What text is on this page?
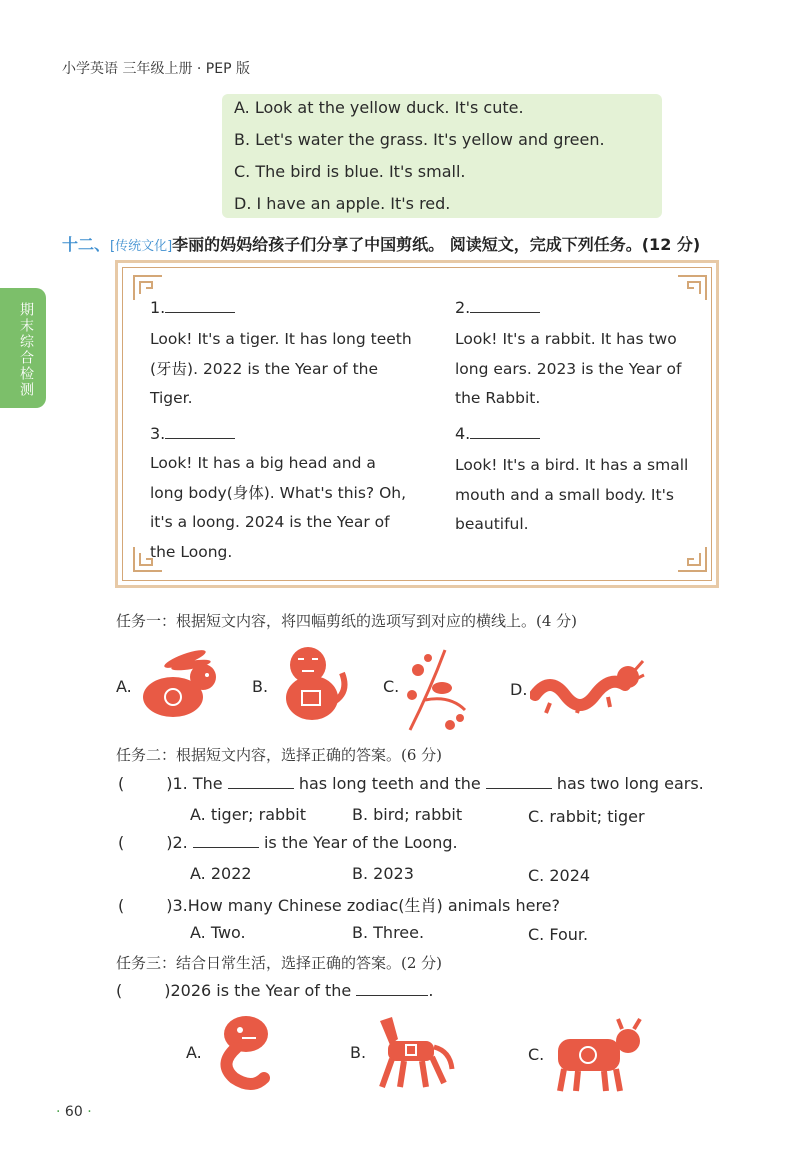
小学英语 三年级上册 · PEP 版
期末综合检测
A. Look at the yellow duck. It's cute.
B. Let's water the grass. It's yellow and green.
C. The bird is blue. It's small.
D. I have an apple. It's red.
十二、[传统文化]李丽的妈妈给孩子们分享了中国剪纸。 阅读短文，完成下列任务。(12 分)
1.
Look! It's a tiger. It has long teeth
(牙齿). 2022 is the Year of the
Tiger.
2.
Look! It's a rabbit. It has two
long ears. 2023 is the Year of
the Rabbit.
3.
Look! It has a big head and a
long body(身体). What's this? Oh,
it's a loong. 2024 is the Year of
the Loong.
4.
Look! It's a bird. It has a small
mouth and a small body. It's
beautiful.
任务一：根据短文内容，将四幅剪纸的选项写到对应的横线上。(4 分)
A.	B.	C.	D.
任务二：根据短文内容，选择正确的答案。(6 分)
(	)1. The	has long teeth and the	has two long ears.
A. tiger; rabbit	B. bird; rabbit	C. rabbit; tiger
(	)2.	is the Year of the Loong.
A. 2022	B. 2023	C. 2024
(	)3.How many Chinese zodiac(生肖) animals here?
A. Two.	B. Three.	C. Four.
任务三：结合日常生活，选择正确的答案。(2 分)
(	)2026 is the Year of the	.
A.	B.	C.
· 60 ·
